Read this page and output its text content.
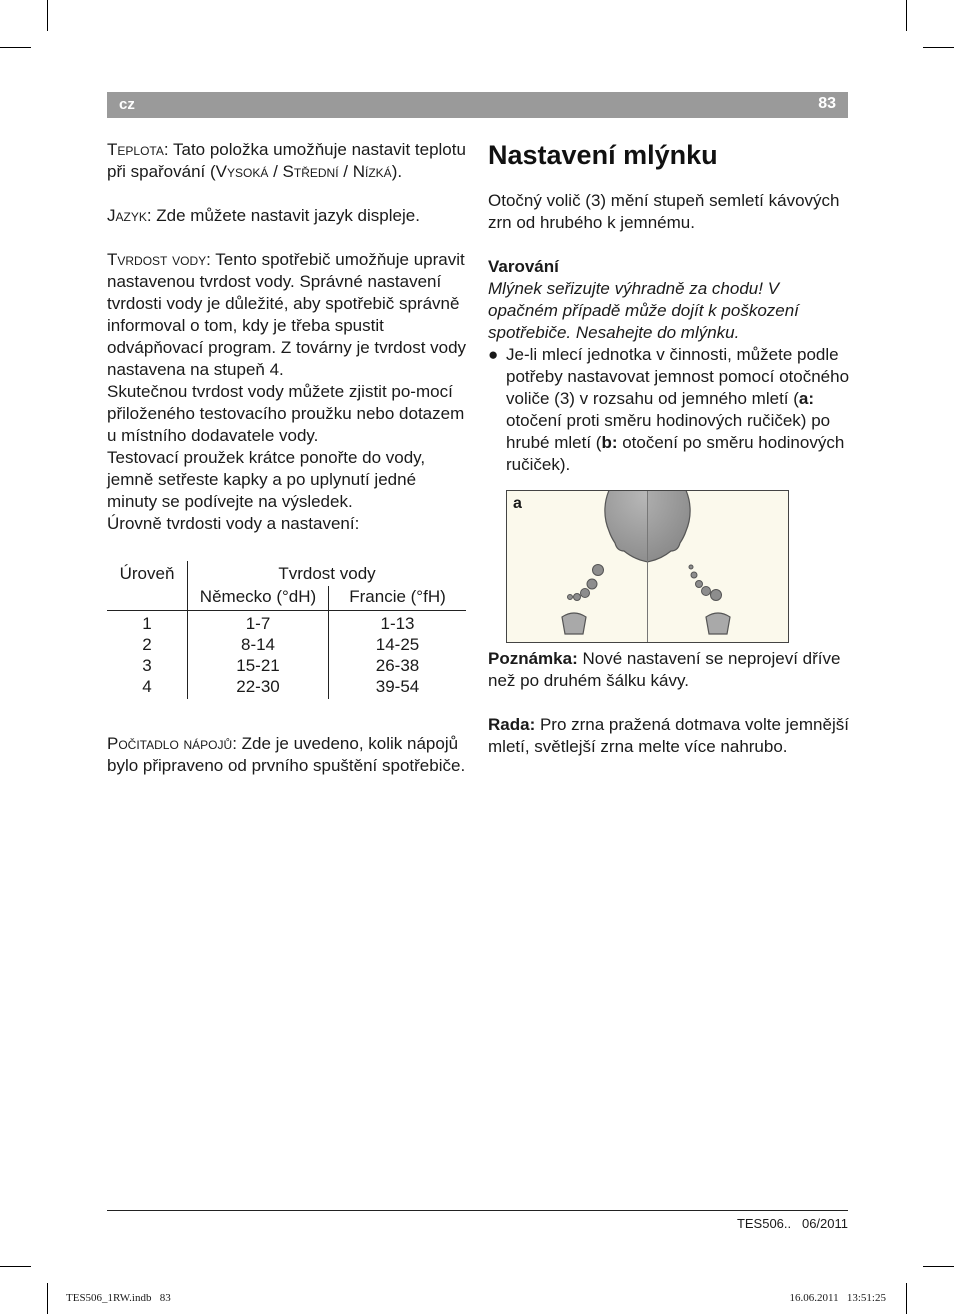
cz	83

Teplota: Tato položka umožňuje nastavit teplotu při spařování (Vysoká / Střední / Nízká).

Jazyk: Zde můžete nastavit jazyk displeje.

Tvrdost vody: Tento spotřebič umožňuje upravit nastavenou tvrdost vody. Správné nastavení tvrdosti vody je důležité, aby spotřebič správně informoval o tom, kdy je třeba spustit odvápňovací program. Z továrny je tvrdost vody nastavena na stupeň 4.

Skutečnou tvrdost vody můžete zjistit po-mocí přiloženého testovacího proužku nebo dotazem u místního dodavatele vody.

Testovací proužek krátce ponořte do vody, jemně setřeste kapky a po uplynutí jedné minuty se podívejte na výsledek.

Úrovně tvrdosti vody a nastavení:

Úroveň	Tvrdost vody	
	Německo (°dH)	Francie (°fH)
1	1-7	1-13
2	8-14	14-25
3	15-21	26-38
4	22-30	39-54

Počitadlo nápojů: Zde je uvedeno, kolik nápojů bylo připraveno od prvního spuštění spotřebiče.

Nastavení mlýnku

Otočný volič (3) mění stupeň semletí kávových zrn od hrubého k jemnému.

Varování

Mlýnek seřizujte výhradně za chodu! V opačném případě může dojít k poškození spotřebiče. Nesahejte do mlýnku.

● Je-li mlecí jednotka v činnosti, můžete podle potřeby nastavovat jemnost pomocí otočného voliče (3) v rozsahu od jemného mletí (a: otočení proti směru hodinových ručiček) po hrubé mletí (b: otočení po směru hodinových ručiček).
a

Poznámka: Nové nastavení se neprojeví dříve než po druhém šálku kávy.

Rada: Pro zrna pražená dotmava volte jemnější mletí, světlejší zrna melte více nahrubo.

TES506..   06/2011
TES506_1RW.indb   83	16.06.2011   13:51:25
